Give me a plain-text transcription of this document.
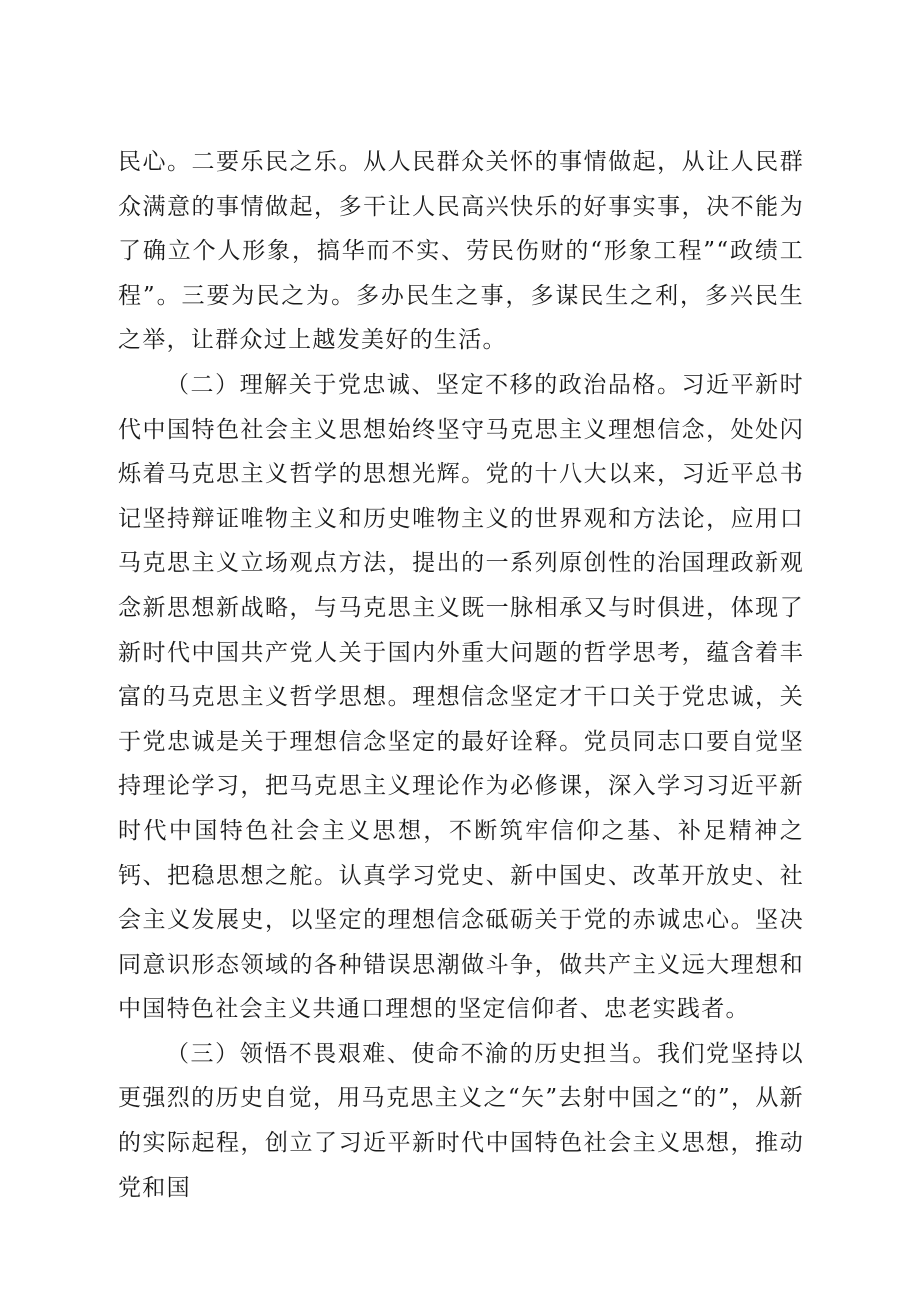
民心。二要乐民之乐。从人民群众关怀的事情做起，从让人民群众满意的事情做起，多干让人民高兴快乐的好事实事，决不能为了确立个人形象，搞华而不实、劳民伤财的“形象工程”“政绩工程”。三要为民之为。多办民生之事，多谋民生之利，多兴民生之举，让群众过上越发美好的生活。

（二）理解关于党忠诚、坚定不移的政治品格。习近平新时代中国特色社会主义思想始终坚守马克思主义理想信念，处处闪烁着马克思主义哲学的思想光辉。党的十八大以来，习近平总书记坚持辩证唯物主义和历史唯物主义的世界观和方法论，应用口马克思主义立场观点方法，提出的一系列原创性的治国理政新观念新思想新战略，与马克思主义既一脉相承又与时俱进，体现了新时代中国共产党人关于国内外重大问题的哲学思考，蕴含着丰富的马克思主义哲学思想。理想信念坚定才干口关于党忠诚，关于党忠诚是关于理想信念坚定的最好诠释。党员同志口要自觉坚持理论学习，把马克思主义理论作为必修课，深入学习习近平新时代中国特色社会主义思想，不断筑牢信仰之基、补足精神之钙、把稳思想之舵。认真学习党史、新中国史、改革开放史、社会主义发展史，以坚定的理想信念砥砺关于党的赤诚忠心。坚决同意识形态领域的各种错误思潮做斗争，做共产主义远大理想和中国特色社会主义共通口理想的坚定信仰者、忠老实践者。

（三）领悟不畏艰难、使命不渝的历史担当。我们党坚持以更强烈的历史自觉，用马克思主义之“矢”去射中国之“的”，从新的实际起程，创立了习近平新时代中国特色社会主义思想，推动党和国
